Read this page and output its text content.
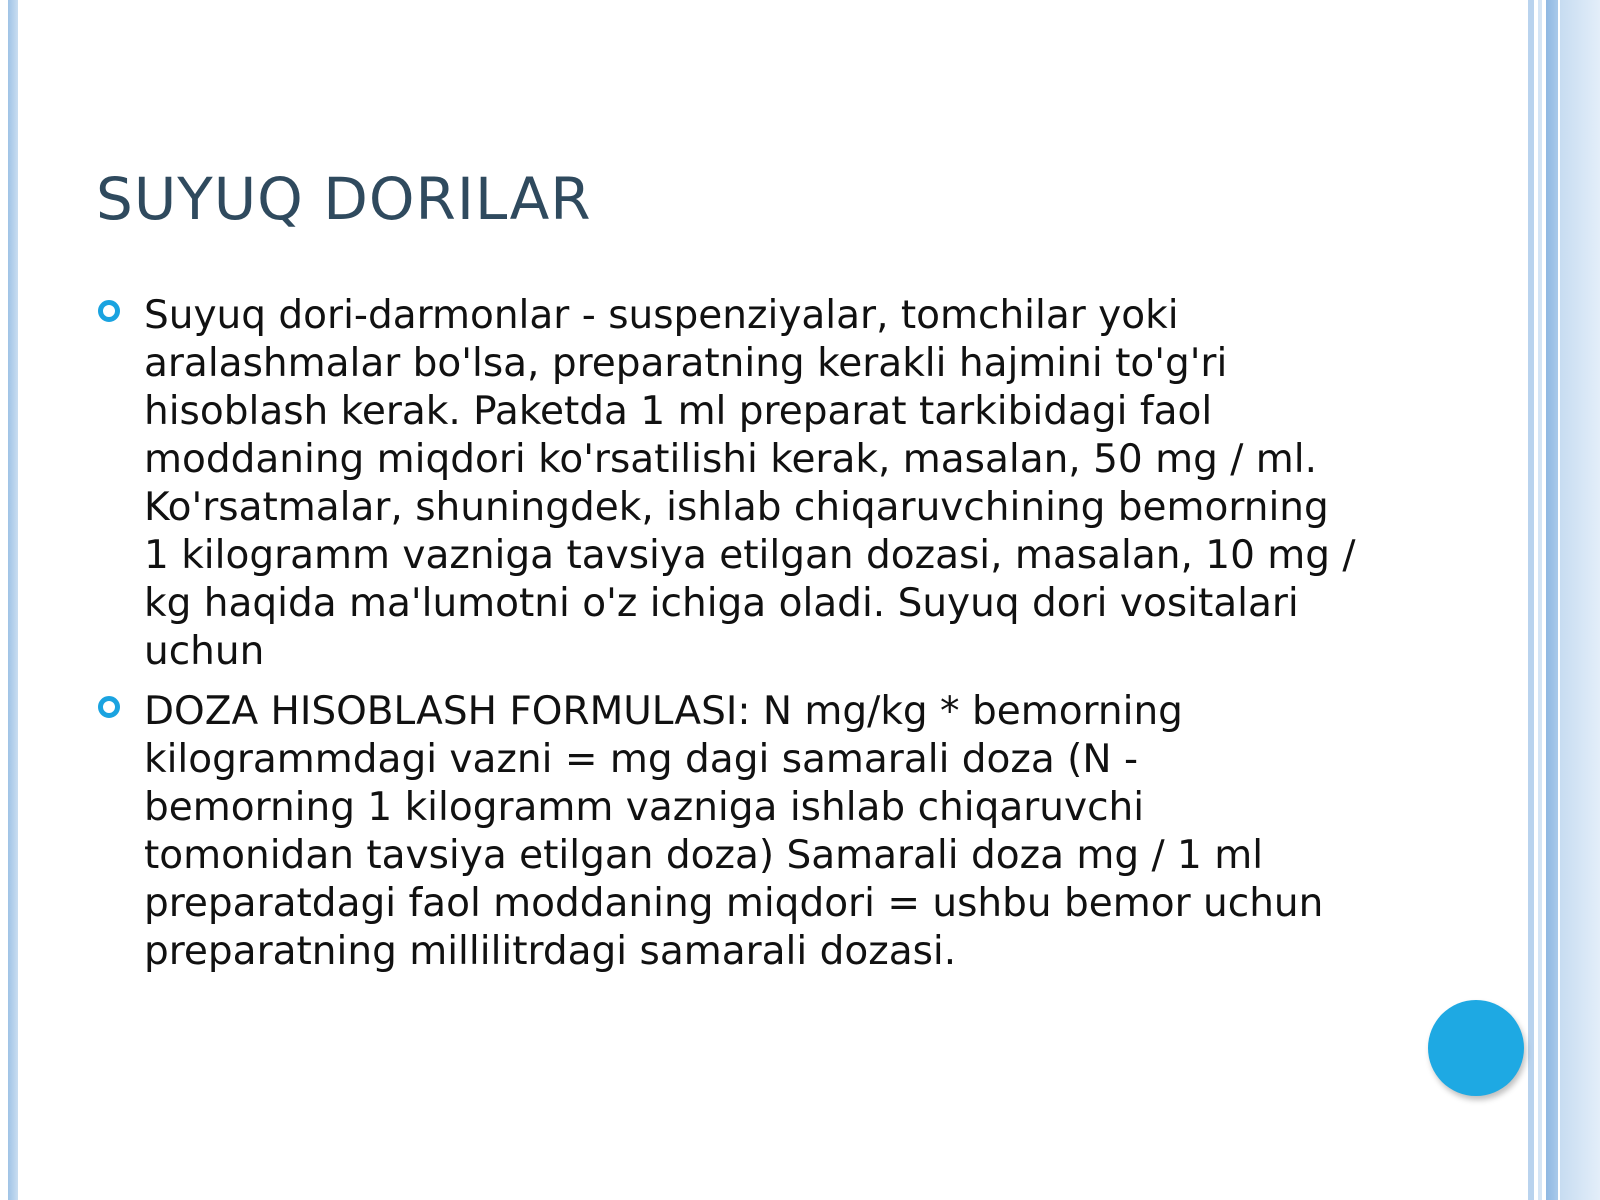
SUYUQ DORILAR
Suyuq dori-darmonlar - suspenziyalar, tomchilar yoki aralashmalar bo'lsa, preparatning kerakli hajmini to'g'ri hisoblash kerak. Paketda 1 ml preparat tarkibidagi faol moddaning miqdori ko'rsatilishi kerak, masalan, 50 mg / ml. Ko'rsatmalar, shuningdek, ishlab chiqaruvchining bemorning 1 kilogramm vazniga tavsiya etilgan dozasi, masalan, 10 mg / kg haqida ma'lumotni o'z ichiga oladi. Suyuq dori vositalari uchun
DOZA HISOBLASH FORMULASI: N mg/kg * bemorning kilogrammdagi vazni = mg dagi samarali doza (N - bemorning 1 kilogramm vazniga ishlab chiqaruvchi tomonidan tavsiya etilgan doza) Samarali doza mg / 1 ml preparatdagi faol moddaning miqdori = ushbu bemor uchun preparatning millilitrdagi samarali dozasi.
